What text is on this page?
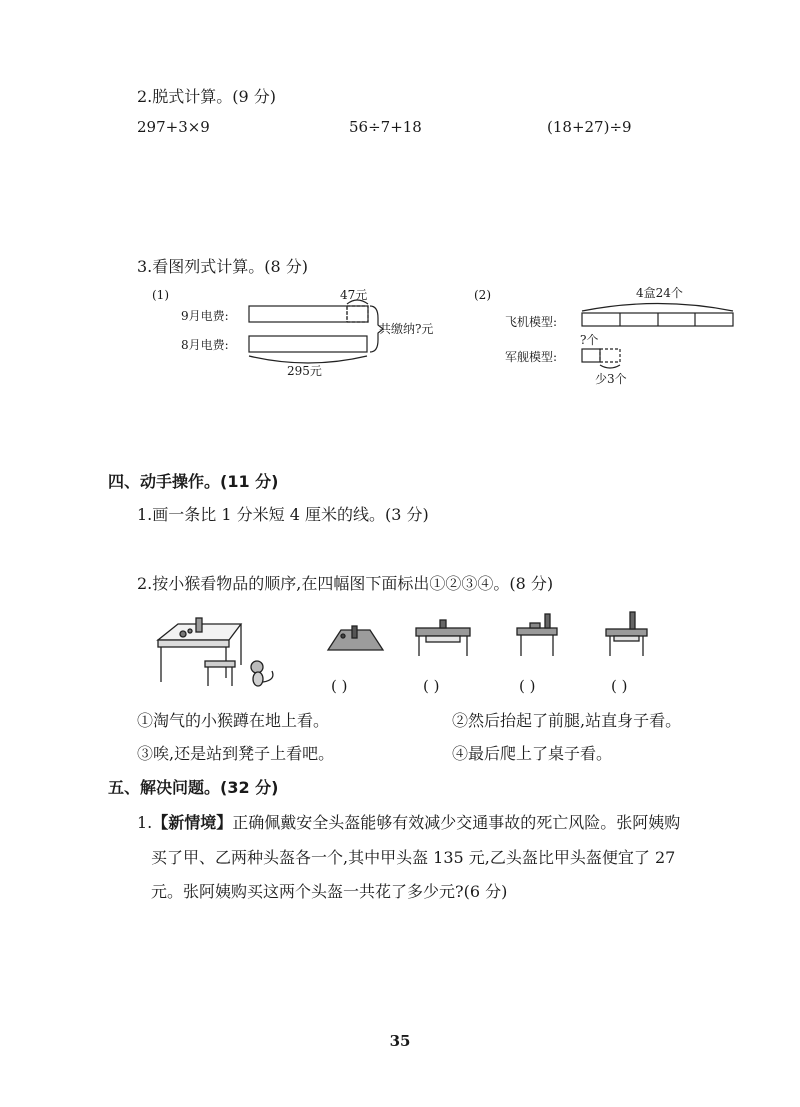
2.脱式计算。(9 分)
297+3×9	56÷7+18	(18+27)÷9
3.看图列式计算。(8 分)
(1)
9月电费:
8月电费:
47元
295元
共缴纳?元
(2)	4盒24个
飞机模型:
军舰模型:
?个
少3个
四、动手操作。(11 分)
1.画一条比 1 分米短 4 厘米的线。(3 分)
2.按小猴看物品的顺序,在四幅图下面标出①②③④。(8 分)
( )	( )	( )	( )
①淘气的小猴蹲在地上看。	②然后抬起了前腿,站直身子看。
③唉,还是站到凳子上看吧。	④最后爬上了桌子看。
五、解决问题。(32 分)
1.【新情境】正确佩戴安全头盔能够有效减少交通事故的死亡风险。张阿姨购
买了甲、乙两种头盔各一个,其中甲头盔 135 元,乙头盔比甲头盔便宜了 27
元。张阿姨购买这两个头盔一共花了多少元?(6 分)
35
